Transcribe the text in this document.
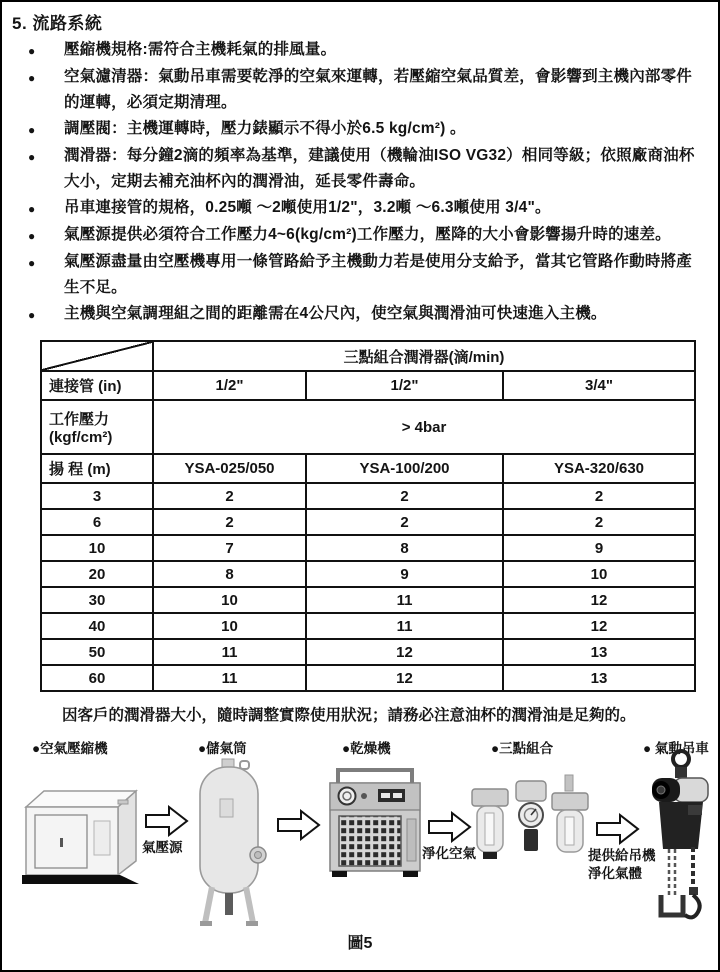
5. 流路系統
●	壓縮機規格:需符合主機耗氣的排風量。
●	空氣濾清器：氣動吊車需要乾淨的空氣來運轉，若壓縮空氣品質差，會影響到主機內部零件的運轉，必須定期清理。
●	調壓閥：主機運轉時，壓力錶顯示不得小於6.5 kg/cm²) 。
●	潤滑器：每分鐘2滴的頻率為基準，建議使用（機輪油ISO VG32）相同等級；依照廠商油杯大小，定期去補充油杯內的潤滑油，延長零件壽命。
●	吊車連接管的規格，0.25噸 ～2噸使用1/2"，3.2噸 ～6.3噸使用 3/4"。
●	氣壓源提供必須符合工作壓力4~6(kg/cm²)工作壓力，壓降的大小會影響揚升時的速差。
●	氣壓源盡量由空壓機專用一條管路給予主機動力若是使用分支給予，當其它管路作動時將產生不足。
●	主機與空氣調理組之間的距離需在4公尺內，使空氣與潤滑油可快速進入主機。
	三點組合潤滑器(滴/min)		
連接管 (in)	1/2"	1/2"	3/4"

工作壓力
(kgf/cm²)	> 4bar		
揚 程 (m)	YSA-025/050	YSA-100/200	YSA-320/630
3	2	2	2
6	2	2	2
10	7	8	9
20	8	9	10
30	10	11	12
40	10	11	12
50	11	12	13
60	11	12	13
因客戶的潤滑器大小，隨時調整實際使用狀況；請務必注意油杯的潤滑油是足夠的。
●空氣壓縮機	●儲氣筒	●乾燥機	●三點組合	● 氣動吊車
氣壓源	淨化空氣	提供給吊機
淨化氣體
圖5
